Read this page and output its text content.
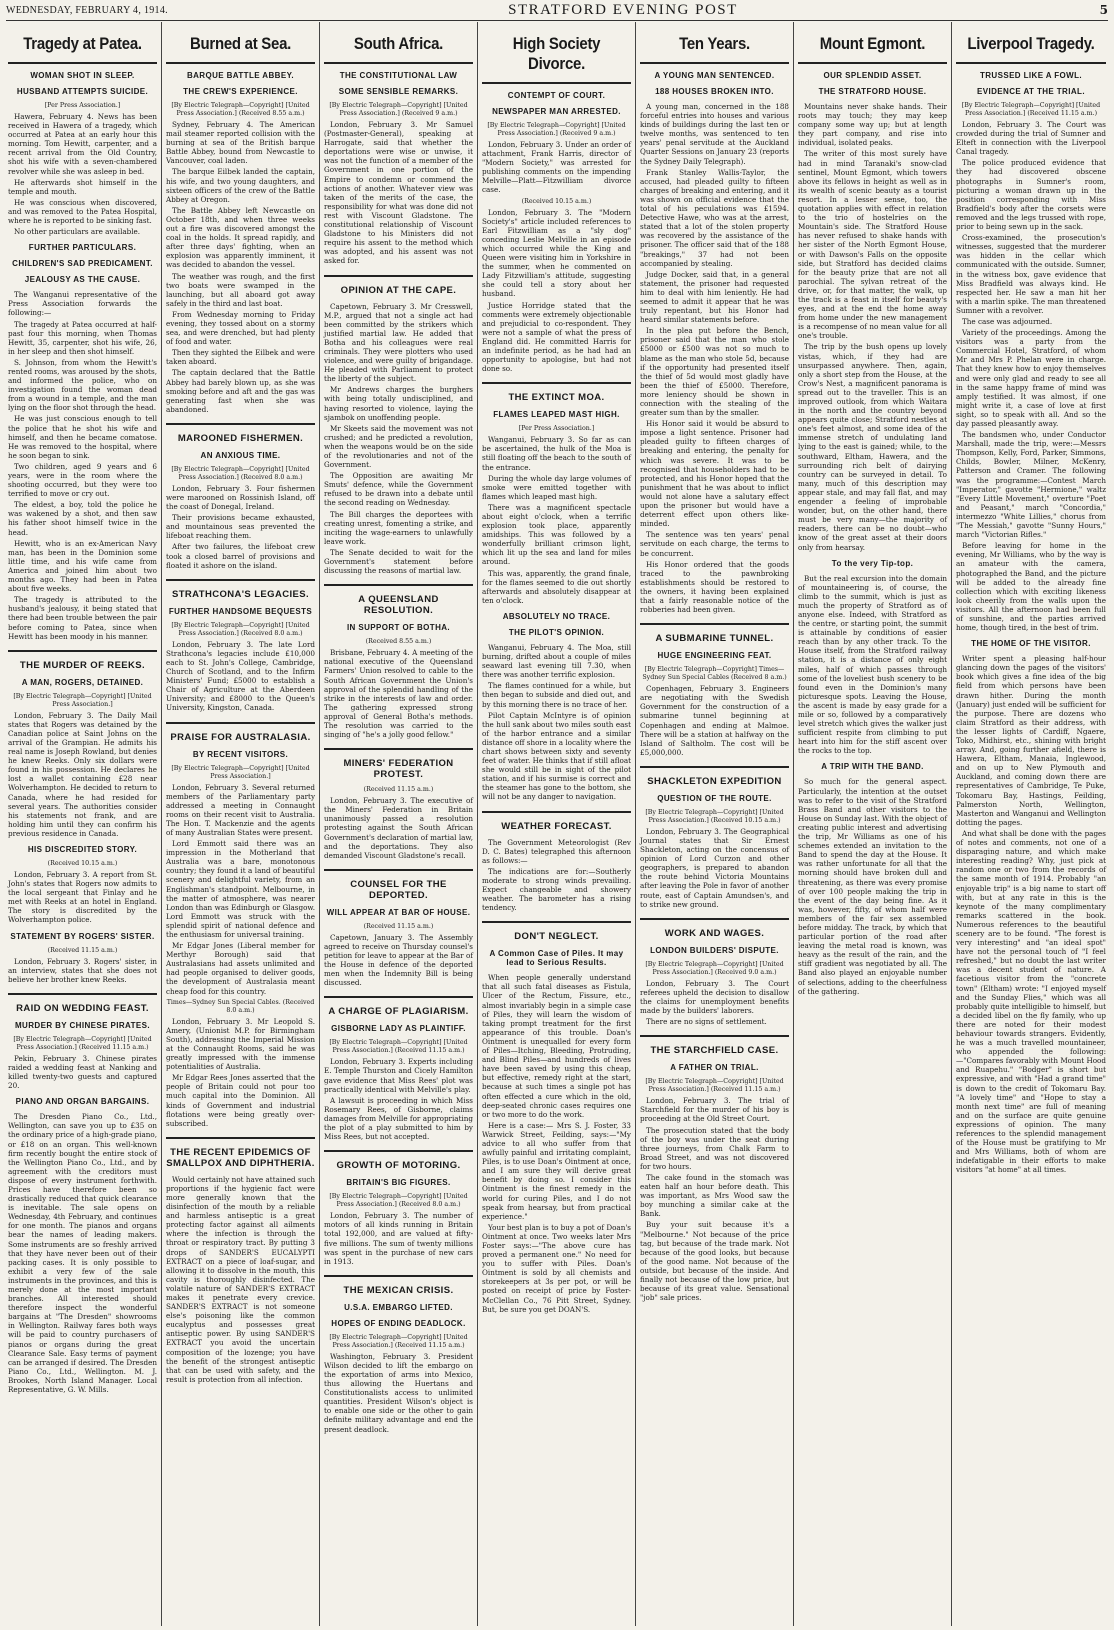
WEDNESDAY, FEBRUARY 4, 1914.	STRATFORD EVENING POST	5
Tragedy at Patea.

WOMAN SHOT IN SLEEP.

HUSBAND ATTEMPTS SUICIDE.

[Per Press Association.]

Hawera, February 4. News has been received in Hawera of a tragedy, which occurred at Patea at an early hour this morning. Tom Hewitt, carpenter, and a recent arrival from the Old Country, shot his wife with a seven-chambered revolver while she was asleep in bed.

He afterwards shot himself in the temple and mouth.

He was conscious when discovered, and was removed to the Patea Hospital, where he is reported to be sinking fast.

No other particulars are available.

FURTHER PARTICULARS.

CHILDREN'S SAD PREDICAMENT.

JEALOUSY AS THE CAUSE.

The Wanganui representative of the Press Association forwards the following:—

The tragedy at Patea occurred at half-past four this morning, when Thomas Hewitt, 35, carpenter, shot his wife, 26, in her sleep and then shot himself.

S. Johnson, from whom the Hewitt's rented rooms, was aroused by the shots, and informed the police, who on investigation found the woman dead from a wound in a temple, and the man lying on the floor shot through the head.

He was just conscious enough to tell the police that he shot his wife and himself, and then he became comatose. He was removed to the hospital, where he soon began to sink.

Two children, aged 9 years and 6 years, were in the room where the shooting occurred, but they were too terrified to move or cry out.

The eldest, a boy, told the police he was wakened by a shot, and then saw his father shoot himself twice in the head.

Hewitt, who is an ex-American Navy man, has been in the Dominion some little time, and his wife came from America and joined him about two months ago. They had been in Patea about five weeks.

The tragedy is attributed to the husband's jealousy, it being stated that there had been trouble between the pair before coming to Patea, since when Hewitt has been moody in his manner.

THE MURDER OF REEKS.

A MAN, ROGERS, DETAINED.

[By Electric Telegraph—Copyright] [United Press Association.]

London, February 3. The Daily Mail states that Rogers was detained by the Canadian police at Saint Johns on the arrival of the Grampian. He admits his real name is Joseph Rowland, but denies he knew Reeks. Only six dollars were found in his possession. He declares he lost a wallet containing £28 near Wolverhampton. He decided to return to Canada, where he had resided for several years. The authorities consider his statements not frank, and are holding him until they can confirm his previous residence in Canada.

HIS DISCREDITED STORY.

(Received 10.15 a.m.)

London, February 3. A report from St. John's states that Rogers now admits to the local sergeant that Finlay and he met with Reeks at an hotel in England. The story is discredited by the Wolverhampton police.

STATEMENT BY ROGERS' SISTER.

(Received 11.15 a.m.)

London, February 3. Rogers' sister, in an interview, states that she does not believe her brother knew Reeks.

RAID ON WEDDING FEAST.

MURDER BY CHINESE PIRATES.

[By Electric Telegraph—Copyright] [United Press Association.] (Received 11.15 a.m.)

Pekin, February 3. Chinese pirates raided a wedding feast at Nanking and killed twenty-two guests and captured 20.

PIANO AND ORGAN BARGAINS.

The Dresden Piano Co., Ltd., Wellington, can save you up to £35 on the ordinary price of a high-grade piano, or £18 on an organ. This well-known firm recently bought the entire stock of the Wellington Piano Co., Ltd., and by agreement with the creditors must dispose of every instrument forthwith. Prices have therefore been so drastically reduced that quick clearance is inevitable. The sale opens on Wednesday, 4th February, and continues for one month. The pianos and organs bear the names of leading makers. Some instruments are so freshly arrived that they have never been out of their packing cases. It is only possible to exhibit a very few of the sale instruments in the provinces, and this is merely done at the most important branches. All interested should therefore inspect the wonderful bargains at "The Dresden" showrooms in Wellington. Railway fares both ways will be paid to country purchasers of pianos or organs during the great Clearance Sale. Easy terms of payment can be arranged if desired. The Dresden Piano Co., Ltd., Wellington. M. J. Brookes, North Island Manager. Local Representative, G. W. Mills.

Burned at Sea.

BARQUE BATTLE ABBEY.

THE CREW'S EXPERIENCE.

[By Electric Telegraph—Copyright] [United Press Association.] (Received 8.55 a.m.)

Sydney, February 4. The American mail steamer reported collision with the burning at sea of the British barque Battle Abbey, bound from Newcastle to Vancouver, coal laden.

The barque Eilbek landed the captain, his wife, and two young daughters, and sixteen officers of the crew of the Battle Abbey at Oregon.

The Battle Abbey left Newcastle on October 18th, and when three weeks out a fire was discovered amongst the coal in the holds. It spread rapidly, and after three days' fighting, when an explosion was apparently imminent, it was decided to abandon the vessel.

The weather was rough, and the first two boats were swamped in the launching, but all aboard got away safely in the third and last boat.

From Wednesday morning to Friday evening, they tossed about on a stormy sea, and were drenched, but had plenty of food and water.

Then they sighted the Eilbek and were taken aboard.

The captain declared that the Battle Abbey had barely blown up, as she was smoking before and aft and the gas was generating fast when she was abandoned.

MAROONED FISHERMEN.

AN ANXIOUS TIME.

[By Electric Telegraph—Copyright] [United Press Association.] (Received 8.0 a.m.)

London, February 3. Four fishermen were marooned on Rossinish Island, off the coast of Donegal, Ireland.

Their provisions became exhausted, and mountainous seas prevented the lifeboat reaching them.

After two failures, the lifeboat crew took a closed barrel of provisions and floated it ashore on the island.

STRATHCONA'S LEGACIES.

FURTHER HANDSOME BEQUESTS

[By Electric Telegraph—Copyright] [United Press Association.] (Received 8.0 a.m.)

London, February 3. The late Lord Strathcona's legacies include £10,000 each to St. John's College, Cambridge, Church of Scotland, and to the Infirm Ministers' Fund; £5000 to establish a Chair of Agriculture at the Aberdeen University; and £8000 to the Queen's University, Kingston, Canada.

PRAISE FOR AUSTRALASIA.

BY RECENT VISITORS.

[By Electric Telegraph—Copyright] [United Press Association.]

London, February 3. Several returned members of the Parliamentary party addressed a meeting in Connaught rooms on their recent visit to Australia. The Hon. T. Mackenzie and the agents of many Australian States were present.

Lord Emmott said there was an impression in the Motherland that Australia was a bare, monotonous country; they found it a land of beautiful scenery and delightful variety, from an Englishman's standpoint. Melbourne, in the matter of atmosphere, was nearer London than was Edinburgh or Glasgow. Lord Emmott was struck with the splendid spirit of national defence and the enthusiasm for universal training.

Mr Edgar Jones (Liberal member for Merthyr Borough) said that Australasians had assets unlimited and had people organised to deliver goods, the development of Australasia meant cheap food for this country.

Times—Sydney Sun Special Cables. (Received 8.0 a.m.)

London, February 3. Mr Leopold S. Amery, (Unionist M.P. for Birmingham South), addressing the Imperial Mission at the Connaught Rooms, said he was greatly impressed with the immense potentialities of Australia.

Mr Edgar Rees Jones asserted that the people of Britain could not pour too much capital into the Dominion. All kinds of Government and industrial flotations were being greatly over-subscribed.

THE RECENT EPIDEMICS OF SMALLPOX AND DIPHTHERIA.

Would certainly not have attained such proportions if the hygienic fact were more generally known that the disinfection of the mouth by a reliable and harmless antiseptic is a great protecting factor against all ailments where the infection is through the throat or respiratory tract. By putting 3 drops of SANDER'S EUCALYPTI EXTRACT on a piece of loaf-sugar, and allowing it to dissolve in the mouth, this cavity is thoroughly disinfected. The volatile nature of SANDER'S EXTRACT makes it penetrate every crevice. SANDER'S EXTRACT is not someone else's poisoning like the common eucalyptus and possesses great antiseptic power. By using SANDER'S EXTRACT you avoid the uncertain composition of the lozenge; you have the benefit of the strongest antiseptic that can be used with safety, and the result is protection from all infection.

South Africa.

THE CONSTITUTIONAL LAW

SOME SENSIBLE REMARKS.

[By Electric Telegraph—Copyright] [United Press Association.] (Received 9 a.m.)

London, February 3. Mr Samuel (Postmaster-General), speaking at Harrogate, said that whether the deportations were wise or unwise, it was not the function of a member of the Government in one portion of the Empire to condemn or commend the actions of another. Whatever view was taken of the merits of the case, the responsibility for what was done did not rest with Viscount Gladstone. The constitutional relationship of Viscount Gladstone to his Ministers did not require his assent to the method which was adopted, and his assent was not asked for.

OPINION AT THE CAPE.

Capetown, February 3. Mr Cresswell, M.P., argued that not a single act had been committed by the strikers which justified martial law. He added that Botha and his colleagues were real criminals. They were plotters who used violence, and were guilty of brigandage. He pleaded with Parliament to protect the liberty of the subject.

Mr Andrews charges the burghers with being totally undisciplined, and having resorted to violence, laying the sjambok on unoffending people.

Mr Skeets said the movement was not crushed; and he predicted a revolution, when the weapons would be on the side of the revolutionaries and not of the Government.

The Opposition are awaiting Mr Smuts' defence, while the Government refused to be drawn into a debate until the second reading on Wednesday.

The Bill charges the deportees with creating unrest, fomenting a strike, and inciting the wage-earners to unlawfully leave work.

The Senate decided to wait for the Government's statement before discussing the reasons of martial law.

A QUEENSLAND RESOLUTION.

IN SUPPORT OF BOTHA.

(Received 8.55 a.m.)

Brisbane, February 4. A meeting of the national executive of the Queensland Farmers' Union resolved to cable to the South African Government the Union's approval of the splendid handling of the strike in the interests of law and order. The gathering expressed strong approval of General Botha's methods. The resolution was carried to the singing of "he's a jolly good fellow."

MINERS' FEDERATION PROTEST.

(Received 11.15 a.m.)

London, February 3. The executive of the Miners' Federation in Britain unanimously passed a resolution protesting against the South African Government's declaration of martial law, and the deportations. They also demanded Viscount Gladstone's recall.

COUNSEL FOR THE DEPORTED.

WILL APPEAR AT BAR OF HOUSE.

(Received 11.15 a.m.)

Capetown, January 3. The Assembly agreed to receive on Thursday counsel's petition for leave to appear at the Bar of the House in defence of the deported men when the Indemnity Bill is being discussed.

A CHARGE OF PLAGIARISM.

GISBORNE LADY AS PLAINTIFF.

[By Electric Telegraph—Copyright] [United Press Association.] (Received 11.15 a.m.)

London, February 3. Experts including E. Temple Thurston and Cicely Hamilton gave evidence that Miss Rees' plot was practically identical with Melville's play.

A lawsuit is proceeding in which Miss Rosemary Rees, of Gisborne, claims damages from Melville for appropriating the plot of a play submitted to him by Miss Rees, but not accepted.

GROWTH OF MOTORING.

BRITAIN'S BIG FIGURES.

[By Electric Telegraph—Copyright] [United Press Association.] (Received 8.0 a.m.)

London, February 3. The number of motors of all kinds running in Britain total 192,000, and are valued at fifty-five millions. The sum of twenty millions was spent in the purchase of new cars in 1913.

THE MEXICAN CRISIS.

U.S.A. EMBARGO LIFTED.

HOPES OF ENDING DEADLOCK.

[By Electric Telegraph—Copyright] [United Press Association.] (Received 11.15 a.m.)

Washington, February 3. President Wilson decided to lift the embargo on the exportation of arms into Mexico, thus allowing the Huertans and Constitutionalists access to unlimited quantities. President Wilson's object is to enable one side or the other to gain definite military advantage and end the present deadlock.

High Society Divorce.

CONTEMPT OF COURT.

NEWSPAPER MAN ARRESTED.

[By Electric Telegraph—Copyright] [United Press Association.] (Received 9 a.m.)

London, February 3. Under an order of attachment, Frank Harris, director of "Modern Society," was arrested for publishing comments on the impending Melville—Platt—Fitzwilliam divorce case.

(Received 10.15 a.m.)

London, February 3. The "Modern Society's" article included references to Earl Fitzwilliam as a "sly dog" conceding Leslie Melville in an episode which occurred while the King and Queen were visiting him in Yorkshire in the summer, when he commented on Lady Fitzwilliam's attitude, suggesting she could tell a story about her husband.

Justice Horridge stated that the comments were extremely objectionable and prejudicial to co-respondent. They were not a sample of what the press of England did. He committed Harris for an indefinite period, as he had had an opportunity to apologise, but had not done so.

THE EXTINCT MOA.

FLAMES LEAPED MAST HIGH.

[Per Press Association.]

Wanganui, February 3. So far as can be ascertained, the hulk of the Moa is still floating off the beach to the south of the entrance.

During the whole day large volumes of smoke were emitted together with flames which leaped mast high.

There was a magnificent spectacle about eight o'clock, when a terrific explosion took place, apparently amidships. This was followed by a wonderfully brilliant crimson light, which lit up the sea and land for miles around.

This was, apparently, the grand finale, for the flames seemed to die out shortly afterwards and absolutely disappear at ten o'clock.

ABSOLUTELY NO TRACE.

THE PILOT'S OPINION.

Wanganui, February 4. The Moa, still burning, drifted about a couple of miles seaward last evening till 7.30, when there was another terrific explosion.

The flames continued for a while, but then began to subside and died out, and by this morning there is no trace of her.

Pilot Captain McIntyre is of opinion the hull sank about two miles south east of the harbor entrance and a similar distance off shore in a locality where the chart shows between sixty and seventy feet of water. He thinks that if still afloat she would still be in sight of the pilot station, and if his surmise is correct and the steamer has gone to the bottom, she will not be any danger to navigation.

WEATHER FORECAST.

The Government Meteorologist (Rev D. C. Bates) telegraphed this afternoon as follows:—

The indications are for:—Southerly moderate to strong winds prevailing. Expect changeable and showery weather. The barometer has a rising tendency.

DON'T NEGLECT.

A Common Case of Piles. It may lead to Serious Results.

When people generally understand that all such fatal diseases as Fistula, Ulcer of the Rectum, Fissure, etc., almost invariably begin in a simple case of Piles, they will learn the wisdom of taking prompt treatment for the first appearance of this trouble. Doan's Ointment is unequalled for every form of Piles—Itching, Bleeding, Protruding, and Blind Piles—and hundreds of lives have been saved by using this cheap, but effective, remedy right at the start, because at such times a single pot has often effected a cure which in the old, deep-seated chronic cases requires one or two more to do the work.

Here is a case:— Mrs S. J. Foster, 33 Warwick Street, Feilding, says:—"My advice to all who suffer from that awfully painful and irritating complaint, Piles, is to use Doan's Ointment at once, and I am sure they will derive great benefit by doing so. I consider this Ointment is the finest remedy in the world for curing Piles, and I do not speak from hearsay, but from practical experience."

Your best plan is to buy a pot of Doan's Ointment at once. Two weeks later Mrs Foster says:—"The above cure has proved a permanent one." No need for you to suffer with Piles. Doan's Ointment is sold by all chemists and storekeepers at 3s per pot, or will be posted on receipt of price by Foster-McClellan Co., 76 Pitt Street, Sydney. But, be sure you get DOAN'S.

Ten Years.

A YOUNG MAN SENTENCED.

188 HOUSES BROKEN INTO.

A young man, concerned in the 188 forceful entries into houses and various kinds of buildings during the last ten or twelve months, was sentenced to ten years' penal servitude at the Auckland Quarter Sessions on January 23 (reports the Sydney Daily Telegraph).

Frank Stanley Wallis-Taylor, the accused, had pleaded guilty to fifteen charges of breaking and entering, and it was shown on official evidence that the total of his peculations was £1594. Detective Hawe, who was at the arrest, stated that a lot of the stolen property was recovered by the assistance of the prisoner. The officer said that of the 188 "breakings," 37 had not been accompanied by stealing.

Judge Docker, said that, in a general statement, the prisoner had requested him to deal with him leniently. He had seemed to admit it appear that he was truly repentant, but his Honor had heard similar statements before.

In the plea put before the Bench, prisoner said that the man who stole £5000 or £500 was not so much to blame as the man who stole 5d, because if the opportunity had presented itself the thief of 5d would most gladly have been the thief of £5000. Therefore, more leniency should be shown in connection with the stealing of the greater sum than by the smaller.

His Honor said it would be absurd to impose a light sentence. Prisoner had pleaded guilty to fifteen charges of breaking and entering, the penalty for which was severe. It was to be recognised that householders had to be protected, and his Honor hoped that the punishment that he was about to inflict would not alone have a salutary effect upon the prisoner but would have a deterrent effect upon others like-minded.

The sentence was ten years' penal servitude on each charge, the terms to be concurrent.

His Honor ordered that the goods traced to the pawnbroking establishments should be restored to the owners, it having been explained that a fairly reasonable notice of the robberies had been given.

A SUBMARINE TUNNEL.

HUGE ENGINEERING FEAT.

[By Electric Telegraph—Copyright] Times—Sydney Sun Special Cables (Received 8 a.m.)

Copenhagen, February 3. Engineers are negotiating with the Swedish Government for the construction of a submarine tunnel beginning at Copenhagen and ending at Malmoe. There will be a station at halfway on the Island of Saltholm. The cost will be £5,000,000.

SHACKLETON EXPEDITION

QUESTION OF THE ROUTE.

[By Electric Telegraph—Copyright] [United Press Association.] (Received 10.15 a.m.)

London, February 3. The Geographical Journal states that Sir Ernest Shackleton, acting on the concensus of opinion of Lord Curzon and other geographers, is prepared to abandon the route behind Victoria Mountains after leaving the Pole in favor of another route, east of Captain Amundsen's, and to strike new ground.

WORK AND WAGES.

LONDON BUILDERS' DISPUTE.

[By Electric Telegraph—Copyright] [United Press Association.] (Received 9.0 a.m.)

London, February 3. The Court referees upheld the decision to disallow the claims for unemployment benefits made by the builders' laborers.

There are no signs of settlement.

THE STARCHFIELD CASE.

A FATHER ON TRIAL.

[By Electric Telegraph—Copyright] [United Press Association.] (Received 11.15 a.m.)

London, February 3. The trial of Starchfield for the murder of his boy is proceeding at the Old Street Court.

The prosecution stated that the body of the boy was under the seat during three journeys, from Chalk Farm to Broad Street, and was not discovered for two hours.

The cake found in the stomach was eaten half an hour before death. This was important, as Mrs Wood saw the boy munching a similar cake at the Bank.

Buy your suit because it's a "Melbourne." Not because of the price tag, but because of the trade mark. Not because of the good looks, but because of the good name. Not because of the outside, but because of the inside. And finally not because of the low price, but because of its great value. Sensational "job" sale prices.

Mount Egmont.

OUR SPLENDID ASSET.

THE STRATFORD HOUSE.

Mountains never shake hands. Their roots may touch; they may keep company some way up; but at length they part company, and rise into individual, isolated peaks.

The writer of this most surely have had in mind Taranaki's snow-clad sentinel, Mount Egmont, which towers above its fellows in height as well as in its wealth of scenic beauty as a tourist resort. In a lesser sense, too, the quotation applies with effect in relation to the trio of hostelries on the Mountain's side. The Stratford House has never refused to shake hands with her sister of the North Egmont House, or with Dawson's Falls on the opposite side, but Stratford has decided claims for the beauty prize that are not all parochial. The sylvan retreat of the drive, or, for that matter, the walk, up the track is a feast in itself for beauty's eyes, and at the end the home away from home under the new management is a recompense of no mean value for all one's trouble.

The trip by the bush opens up lovely vistas, which, if they had are unsurpassed anywhere. Then, again, only a short step from the House, at the Crow's Nest, a magnificent panorama is spread out to the traveller. This is an improved outlook, from which Waitara in the north and the country beyond appears quite close; Stratford nestles at one's feet almost, and some idea of the immense stretch of undulating land lying to the east is gained; while, to the southward, Eltham, Hawera, and the surrounding rich belt of dairying country can be surveyed in detail. To many, much of this description may appear stale, and may fall flat, and may engender a feeling of improbable wonder, but, on the other hand, there must be very many—the majority of readers, there can be no doubt—who know of the great asset at their doors only from hearsay.

To the very Tip-top.

But the real excursion into the domain of mountaineering is, of course, the climb to the summit, which is just as much the property of Stratford as of anyone else. Indeed, with Stratford as the centre, or starting point, the summit is attainable by conditions of easier reach than by any other track. To the House itself, from the Stratford railway station, it is a distance of only eight miles, half of which passes through some of the loveliest bush scenery to be found even in the Dominion's many picturesque spots. Leaving the House, the ascent is made by easy grade for a mile or so, followed by a comparatively level stretch which gives the walker just sufficient respite from climbing to put heart into him for the stiff ascent over the rocks to the top.

A TRIP WITH THE BAND.

So much for the general aspect. Particularly, the intention at the outset was to refer to the visit of the Stratford Brass Band and other visitors to the House on Sunday last. With the object of creating public interest and advertising the trip, Mr Williams as one of his schemes extended an invitation to the Band to spend the day at the House. It was rather unfortunate for all that the morning should have broken dull and threatening, as there was every promise of over 100 people making the trip in the event of the day being fine. As it was, however, fifty, of whom half were members of the fair sex assembled before midday. The track, by which that particular portion of the road after leaving the metal road is known, was heavy as the result of the rain, and the stiff gradient was negotiated by all. The Band also played an enjoyable number of selections, adding to the cheerfulness of the gathering.

Liverpool Tragedy.

TRUSSED LIKE A FOWL.

EVIDENCE AT THE TRIAL.

[By Electric Telegraph—Copyright] [United Press Association.] (Received 11.15 a.m.)

London, February 3. The Court was crowded during the trial of Sumner and Elteft in connection with the Liverpool Canal tragedy.

The police produced evidence that they had discovered obscene photographs in Sumner's room, picturing a woman drawn up in the position corresponding with Miss Bradfield's body after the corsets were removed and the legs trussed with rope, prior to being sewn up in the sack.

Cross-examined, the prosecution's witnesses, suggested that the murderer was hidden in the cellar which communicated with the outside. Sumner, in the witness box, gave evidence that Miss Bradfield was always kind. He respected her. He saw a man hit her with a marlin spike. The man threatened Sumner with a revolver.

The case was adjourned.

Variety of the proceedings. Among the visitors was a party from the Commercial Hotel, Stratford, of whom Mr and Mrs P. Phelan were in charge. That they knew how to enjoy themselves and were only glad and ready to see all in the same happy frame of mind was amply testified. It was almost, if one might write it, a case of love at first sight, so to speak with all. And so the day passed pleasantly away.

The bandsmen who, under Conductor Marshall, made the trip, were:—Messrs Thompson, Kelly, Ford, Parker, Simmons, Childs, Bowler, Milner, McKenry, Patterson and Cramer. The following was the programme:—Contest March "Imperator," gavotte "Hermione," waltz "Every Little Movement," overture "Poet and Peasant," march "Concordia," intermezzo "White Lillies," chorus from "The Messiah," gavotte "Sunny Hours," march "Victorian Rifles."

Before leaving for home in the evening, Mr Williams, who by the way is an amateur with the camera, photographed the Band, and the picture will be added to the already fine collection which with exciting likeness look cheerily from the walls upon the visitors. All the afternoon had been full of sunshine, and the parties arrived home, though tired, in the best of trim.

THE HOME OF THE VISITOR.

Writer spent a pleasing half-hour glancing down the pages of the visitors' book which gives a fine idea of the big field from which persons have been drawn hither. During the month (January) just ended will be sufficient for the purpose. There are dozens who claim Stratford as their address, with the lesser lights of Cardiff, Ngaere, Toko, Midhirst, etc., shining with bright array. And, going further afield, there is Hawera, Eltham, Manaia, Inglewood, and on up to New Plymouth and Auckland, and coming down there are representatives of Cambridge, Te Puke, Tokomaru Bay, Hastings, Feilding, Palmerston North, Wellington, Masterton and Wanganui and Wellington dotting the pages.

And what shall be done with the pages of notes and comments, not one of a disparaging nature, and which make interesting reading? Why, just pick at random one or two from the records of the same month of 1914. Probably "an enjoyable trip" is a big name to start off with, but at any rate in this is the keynote of the many complimentary remarks scattered in the book. Numerous references to the beautiful scenery are to be found. "The forest is very interesting" and "an ideal spot" have not the personal touch of "I feel refreshed," but no doubt the last writer was a decent student of nature. A facetious visitor from the "concrete town" (Eltham) wrote: "I enjoyed myself and the Sunday Flies," which was all probably quite intelligible to himself, but a decided libel on the fly family, who up there are noted for their modest behaviour towards strangers. Evidently, he was a much travelled mountaineer, who appended the following:—"Compares favorably with Mount Hood and Ruapehu." "Bodger" is short but expressive, and with "Had a grand time" is down to the credit of Tokomaru Bay. "A lovely time" and "Hope to stay a month next time" are full of meaning and on the surface are quite genuine expressions of opinion. The many references to the splendid management of the House must be gratifying to Mr and Mrs Williams, both of whom are indefatigable in their efforts to make visitors "at home" at all times.
